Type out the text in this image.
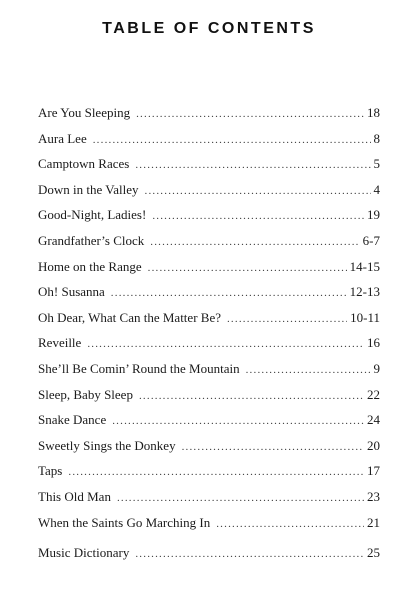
TABLE OF CONTENTS
Are You Sleeping .....	18
Aura Lee .....	8
Camptown Races .....	5
Down in the Valley .....	4
Good-Night, Ladies! .....	19
Grandfather’s Clock .....	6-7
Home on the Range .....	14-15
Oh! Susanna .....	12-13
Oh Dear, What Can the Matter Be? .....	10-11
Reveille .....	16
She’ll Be Comin’ Round the Mountain .....	9
Sleep, Baby Sleep .....	22
Snake Dance .....	24
Sweetly Sings the Donkey .....	20
Taps .....	17
This Old Man .....	23
When the Saints Go Marching In .....	21
Music Dictionary .....	25
